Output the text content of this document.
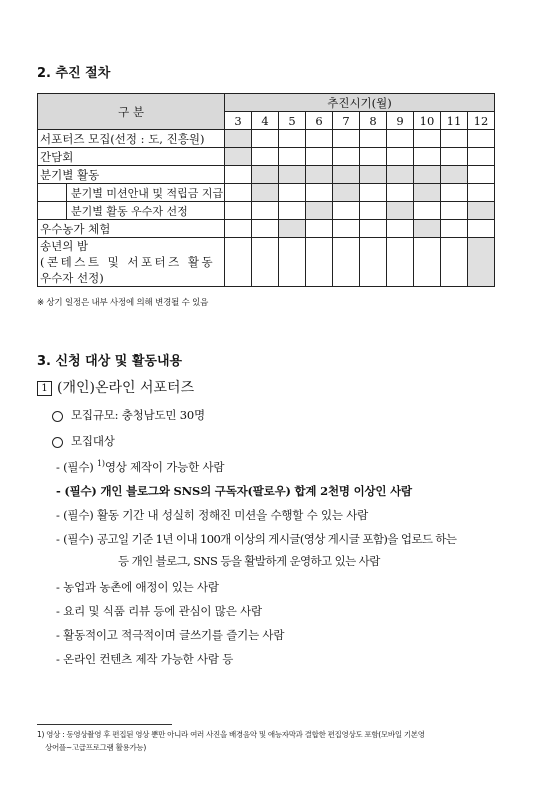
2. 추진 절차
구 분		추진시기(월)									
		3	4	5	6	7	8	9	10	11	12
서포터즈 모집(선정 : 도, 진흥원)											
간담회											
분기별 활동											
	분기별 미션안내 및 적립금 지급										
	분기별 활동 우수자 선정										
우수농가 체험											

송년의 밤
(콘테스트 및 서포터즈 활동
우수자 선정)											

※ 상기 일정은 내부 사정에 의해 변경될 수 있음
3. 신청 대상 및 활동내용
1 (개인)온라인 서포터즈
모집규모: 충청남도민 30명
모집대상
- (필수) $^{1)}$영상 제작이 가능한 사람
- (필수) 개인 블로그와 SNS의 구독자(팔로우) 합계 2천명 이상인 사람
- (필수) 활동 기간 내 성실히 정해진 미션을 수행할 수 있는 사람
- (필수) 공고일 기준 1년 이내 100개 이상의 게시글(영상 게시글 포함)을 업로드 하는
등 개인 블로그, SNS 등을 활발하게 운영하고 있는 사람
- 농업과 농촌에 애정이 있는 사람
- 요리 및 식품 리뷰 등에 관심이 많은 사람
- 활동적이고 적극적이며 글쓰기를 즐기는 사람
- 온라인 컨텐츠 제작 가능한 사람 등
1) 영상 : 동영상촬영 후 편집된 영상 뿐만 아니라 여러 사진을 배경음악 및 애능자막과 결합한 편집영상도 포함(모바일 기본영
상어플~고급프로그램 활용가능)
